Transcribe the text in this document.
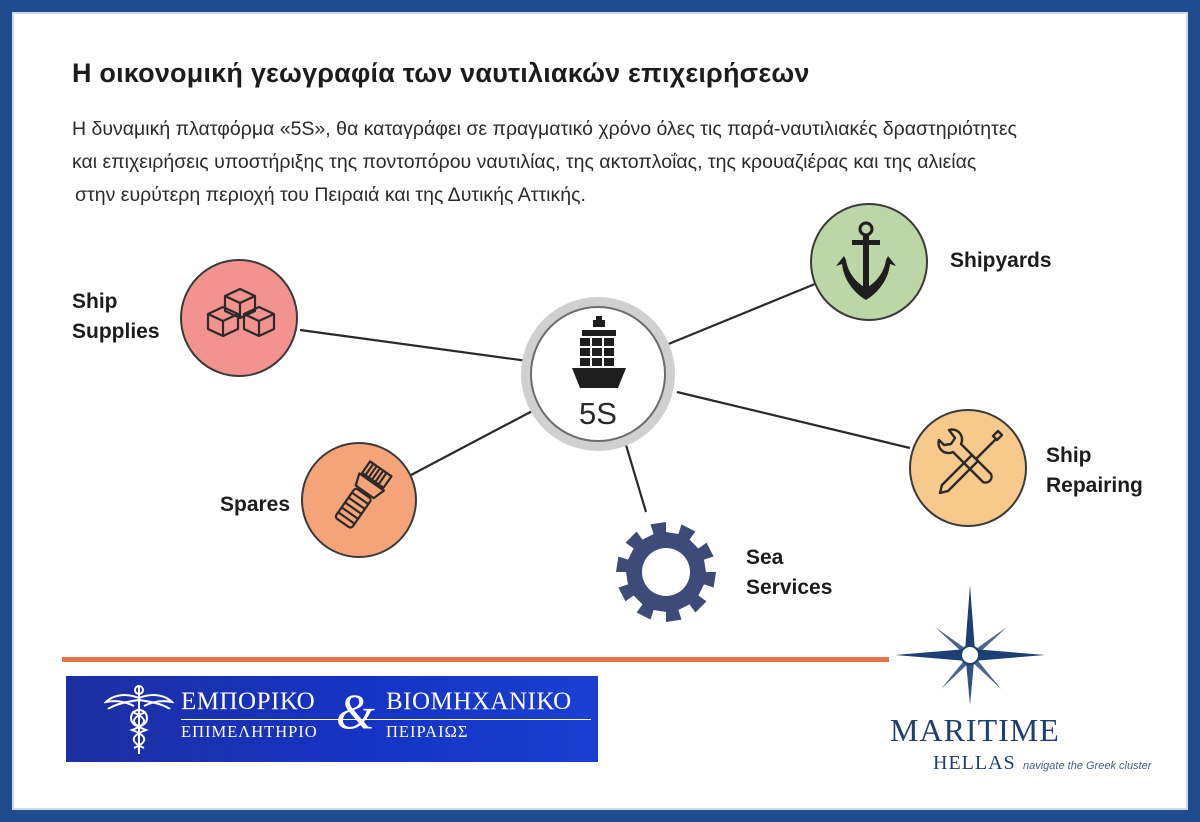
Η οικονομική γεωγραφία των ναυτιλιακών επιχειρήσεων
Η δυναμική πλατφόρμα «5S», θα καταγράφει σε πραγματικό χρόνο όλες τις παρά-ναυτιλιακές δραστηριότητες
και επιχειρήσεις υποστήριξης της ποντοπόρου ναυτιλίας, της ακτοπλοΐας, της κρουαζιέρας και της αλιείας
στην ευρύτερη περιοχή του Πειραιά και της Δυτικής Αττικής.
5S
Ship
Supplies
Spares
Sea
Services
Ship
Repairing
Shipyards
ΕΜΠΟΡΙΚΟ
ΕΠΙΜΕΛΗΤΗΡΙΟ & ΒΙΟΜΗΧΑΝΙΚΟ
ΠΕΙΡΑΙΩΣ	MARITIME
HELLAS navigate the Greek cluster
